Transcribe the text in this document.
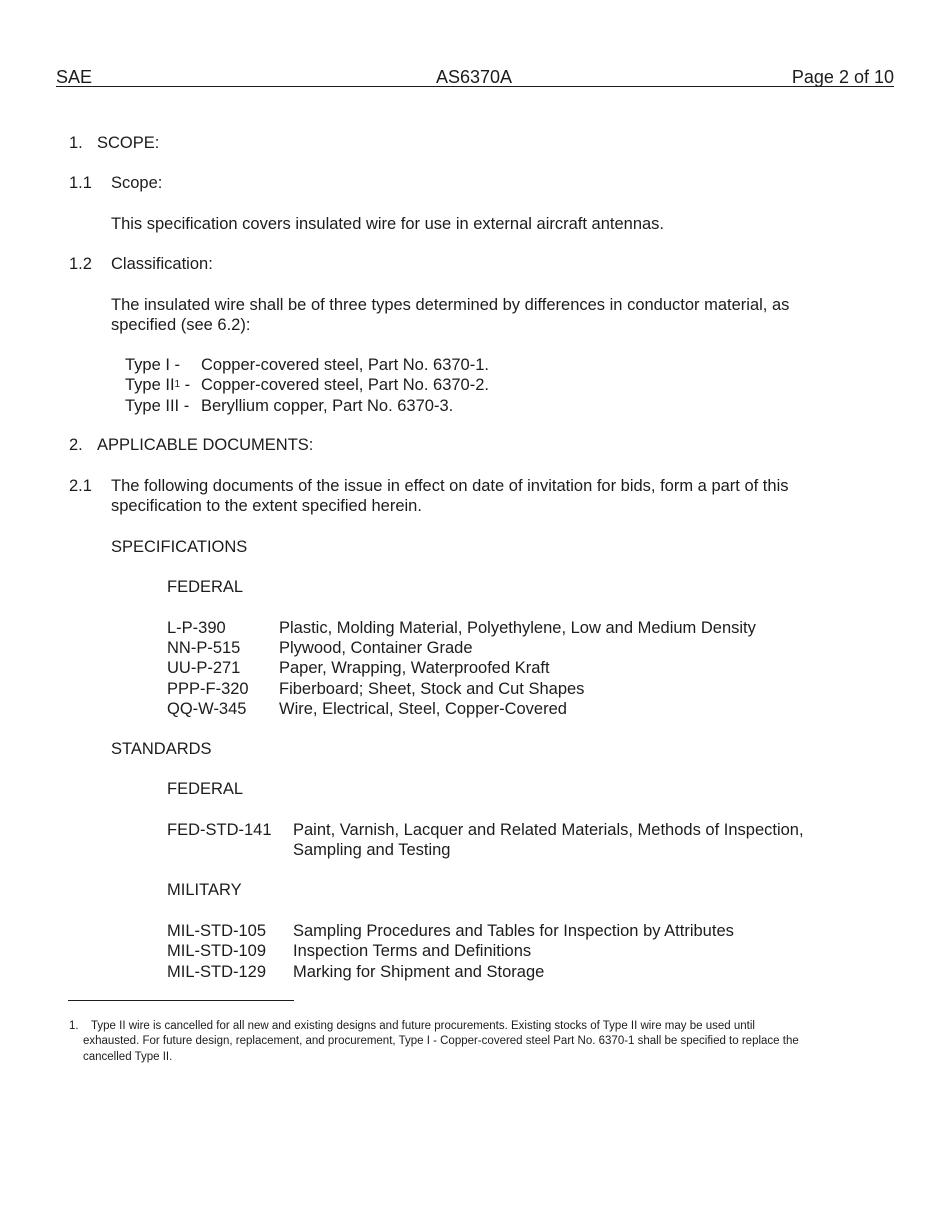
SAE	AS6370A	Page 2 of 10
1. SCOPE:
1.1 Scope:
This specification covers insulated wire for use in external aircraft antennas.
1.2 Classification:
The insulated wire shall be of three types determined by differences in conductor material, as
specified (see 6.2):
Type I - Copper-covered steel, Part No. 6370-1.
Type $II^1$ - Copper-covered steel, Part No. 6370-2.
Type III - Beryllium copper, Part No. 6370-3.
2. APPLICABLE DOCUMENTS:
2.1 The following documents of the issue in effect on date of invitation for bids, form a part of this
specification to the extent specified herein.
SPECIFICATIONS
FEDERAL
L-P-390	Plastic, Molding Material, Polyethylene, Low and Medium Density
NN-P-515 Plywood, Container Grade
UU-P-271 Paper, Wrapping, Waterproofed Kraft
PPP-F-320 Fiberboard; Sheet, Stock and Cut Shapes
QQ-W-345 Wire, Electrical, Steel, Copper-Covered
STANDARDS
FEDERAL
FED-STD-141 Paint, Varnish, Lacquer and Related Materials, Methods of Inspection,
Sampling and Testing
MILITARY
MIL-STD-105 Sampling Procedures and Tables for Inspection by Attributes
MIL-STD-109 Inspection Terms and Definitions
MIL-STD-129 Marking for Shipment and Storage
1. Type II wire is cancelled for all new and existing designs and future procurements. Existing stocks of Type II wire may be used until
exhausted. For future design, replacement, and procurement, Type I - Copper-covered steel Part No. 6370-1 shall be specified to replace the
cancelled Type II.
